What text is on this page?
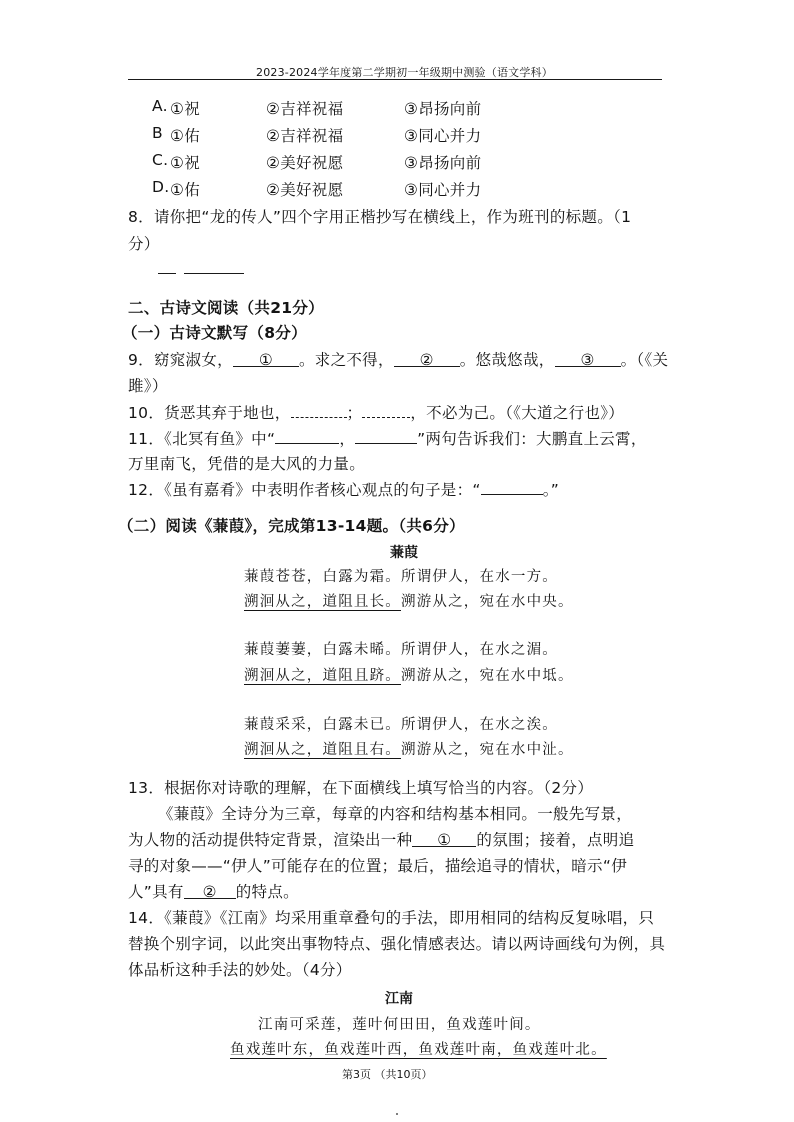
2023-2024学年度第二学期初一年级期中测验（语文学科）
A. ①祝	②吉祥祝福	③昂扬向前
B ①佑	②吉祥祝福	③同心并力
C. ①祝	②美好祝愿	③昂扬向前
D. ①佑	②美好祝愿	③同心并力
8．请你把“龙的传人”四个字用正楷抄写在横线上，作为班刊的标题。（1
分）
二、古诗文阅读（共21分）
（一）古诗文默写（8分）
9．窈窕淑女， ① 。求之不得， ② 。悠哉悠哉， ③ 。（《关
雎》）
10．货恶其弃于地也，	；	，不必为己。（《大道之行也》）
11．《北冥有鱼》中“	，	”两句告诉我们：大鹏直上云霄，
万里南飞，凭借的是大风的力量。
12．《虽有嘉肴》中表明作者核心观点的句子是：“	。”
（二）阅读《蒹葭》，完成第13-14题。（共6分）
蒹葭
蒹葭苍苍，白露为霜。所谓伊人，在水一方。
溯洄从之，道阻且长。溯游从之，宛在水中央。
蒹葭萋萋，白露未晞。所谓伊人，在水之湄。
溯洄从之，道阻且跻。溯游从之，宛在水中坻。
蒹葭采采，白露未已。所谓伊人，在水之涘。
溯洄从之，道阻且右。溯游从之，宛在水中沚。
13．根据你对诗歌的理解，在下面横线上填写恰当的内容。（2分）
《蒹葭》全诗分为三章，每章的内容和结构基本相同。一般先写景，
为人物的活动提供特定背景，渲染出一种 ① 的氛围；接着，点明追
寻的对象——“伊人”可能存在的位置；最后，描绘追寻的情状，暗示“伊
人”具有 ② 的特点。
14．《蒹葭》《江南》均采用重章叠句的手法，即用相同的结构反复咏唱，只
替换个别字词，以此突出事物特点、强化情感表达。请以两诗画线句为例，具
体品析这种手法的妙处。（4分）
江南
江南可采莲，莲叶何田田，鱼戏莲叶间。
鱼戏莲叶东，鱼戏莲叶西，鱼戏莲叶南，鱼戏莲叶北。
第3页 （共10页）
